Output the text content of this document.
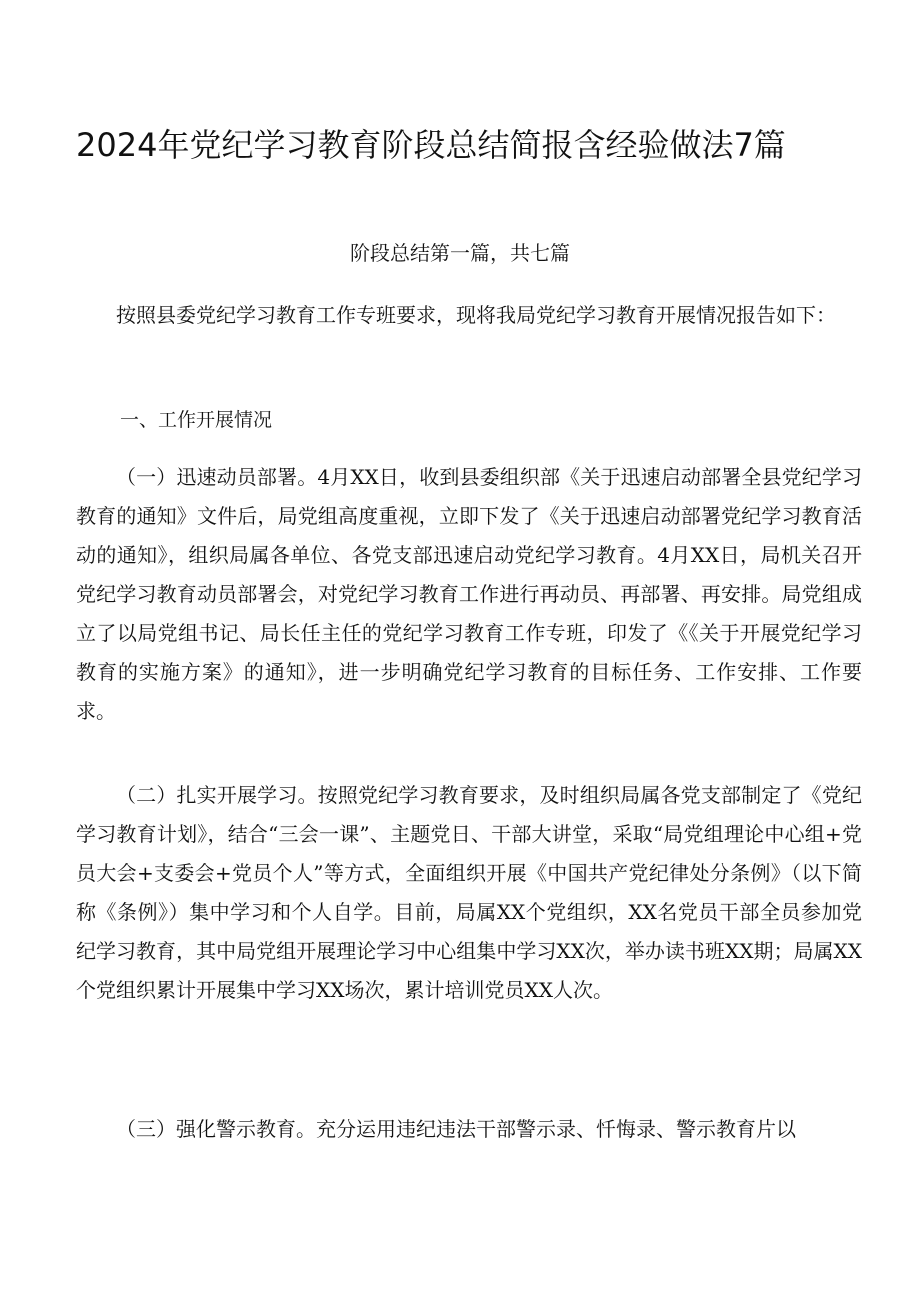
2024年党纪学习教育阶段总结简报含经验做法7篇

阶段总结第一篇，共七篇

按照县委党纪学习教育工作专班要求，现将我局党纪学习教育开展情况报告如下：

一、工作开展情况

（一）迅速动员部署。4月XX日，收到县委组织部《关于迅速启动部署全县党纪学习教育的通知》文件后，局党组高度重视，立即下发了《关于迅速启动部署党纪学习教育活动的通知》，组织局属各单位、各党支部迅速启动党纪学习教育。4月XX日，局机关召开党纪学习教育动员部署会，对党纪学习教育工作进行再动员、再部署、再安排。局党组成立了以局党组书记、局长任主任的党纪学习教育工作专班，印发了《《关于开展党纪学习教育的实施方案》的通知》，进一步明确党纪学习教育的目标任务、工作安排、工作要求。

（二）扎实开展学习。按照党纪学习教育要求，及时组织局属各党支部制定了《党纪学习教育计划》，结合“三会一课”、主题党日、干部大讲堂，采取“局党组理论中心组+党员大会+支委会+党员个人”等方式，全面组织开展《中国共产党纪律处分条例》（以下简称《条例》）集中学习和个人自学。目前，局属XX个党组织，XX名党员干部全员参加党纪学习教育，其中局党组开展理论学习中心组集中学习XX次，举办读书班XX期；局属XX个党组织累计开展集中学习XX场次，累计培训党员XX人次。

（三）强化警示教育。充分运用违纪违法干部警示录、忏悔录、警示教育片以
